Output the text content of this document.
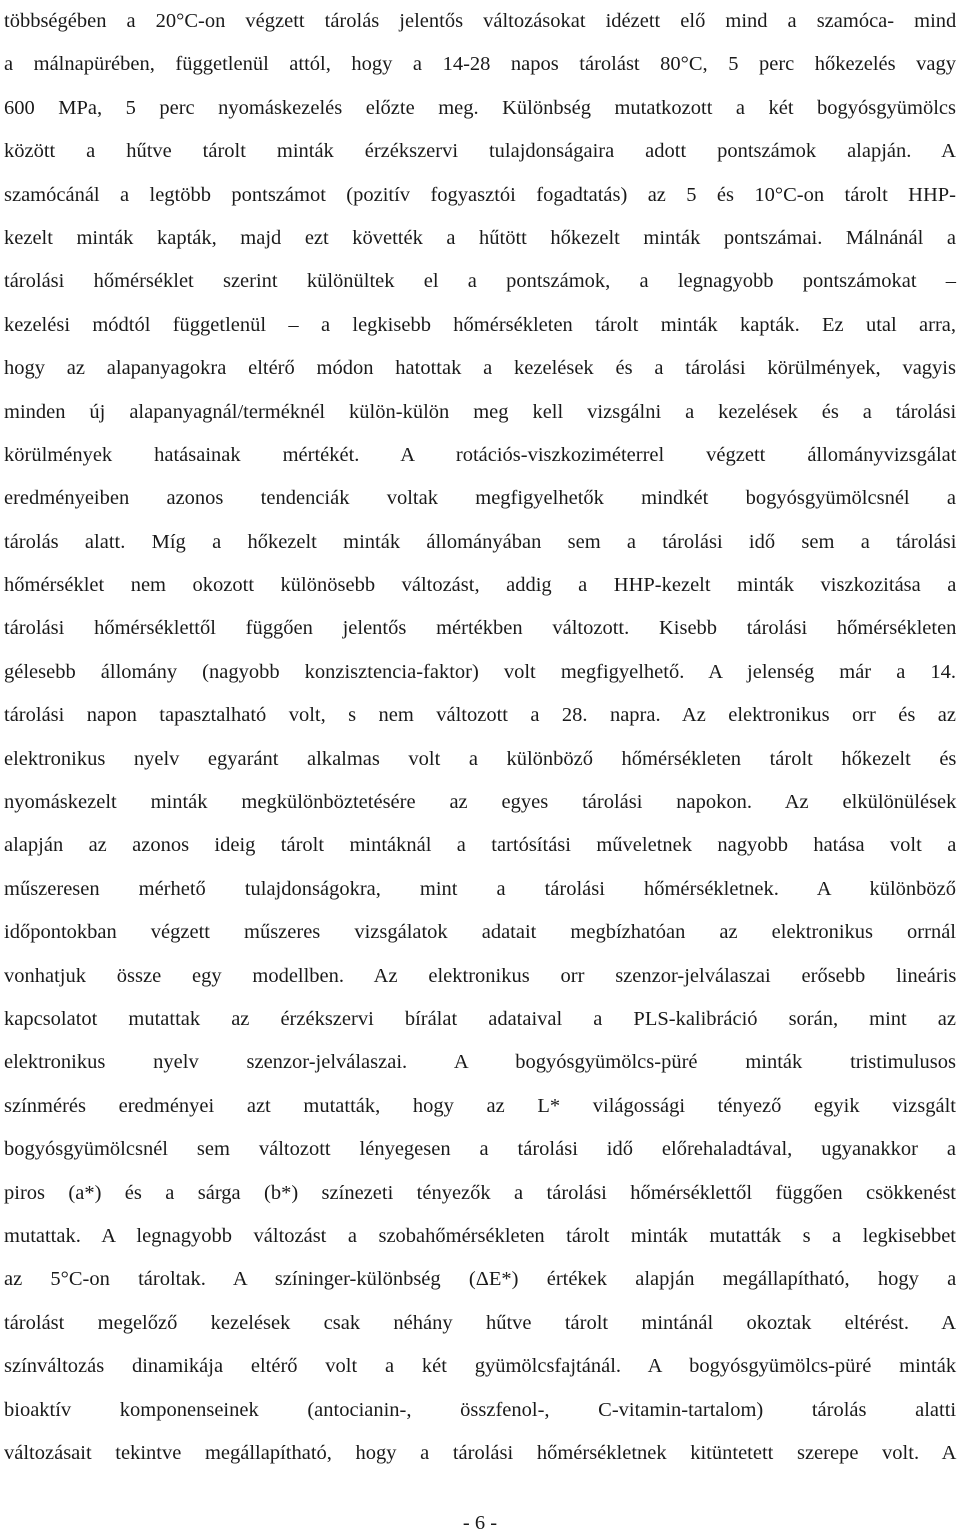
többségében a 20°C-on végzett tárolás jelentős változásokat idézett elő mind a szamóca- mind
a málnapürében, függetlenül attól, hogy a 14-28 napos tárolást 80°C, 5 perc hőkezelés vagy
600 MPa, 5 perc nyomáskezelés előzte meg. Különbség mutatkozott a két bogyósgyümölcs
között a hűtve tárolt minták érzékszervi tulajdonságaira adott pontszámok alapján. A
szamócánál a legtöbb pontszámot (pozitív fogyasztói fogadtatás) az 5 és 10°C-on tárolt HHP-
kezelt minták kapták, majd ezt követték a hűtött hőkezelt minták pontszámai. Málnánál a
tárolási hőmérséklet szerint különültek el a pontszámok, a legnagyobb pontszámokat –
kezelési módtól függetlenül – a legkisebb hőmérsékleten tárolt minták kapták. Ez utal arra,
hogy az alapanyagokra eltérő módon hatottak a kezelések és a tárolási körülmények, vagyis
minden új alapanyagnál/terméknél külön-külön meg kell vizsgálni a kezelések és a tárolási
körülmények hatásainak mértékét. A rotációs-viszkoziméterrel végzett állományvizsgálat
eredményeiben azonos tendenciák voltak megfigyelhetők mindkét bogyósgyümölcsnél a
tárolás alatt. Míg a hőkezelt minták állományában sem a tárolási idő sem a tárolási
hőmérséklet nem okozott különösebb változást, addig a HHP-kezelt minták viszkozitása a
tárolási hőmérséklettől függően jelentős mértékben változott. Kisebb tárolási hőmérsékleten
gélesebb állomány (nagyobb konzisztencia-faktor) volt megfigyelhető. A jelenség már a 14.
tárolási napon tapasztalható volt, s nem változott a 28. napra. Az elektronikus orr és az
elektronikus nyelv egyaránt alkalmas volt a különböző hőmérsékleten tárolt hőkezelt és
nyomáskezelt minták megkülönböztetésére az egyes tárolási napokon. Az elkülönülések
alapján az azonos ideig tárolt mintáknál a tartósítási műveletnek nagyobb hatása volt a
műszeresen mérhető tulajdonságokra, mint a tárolási hőmérsékletnek. A különböző
időpontokban végzett műszeres vizsgálatok adatait megbízhatóan az elektronikus orrnál
vonhatjuk össze egy modellben. Az elektronikus orr szenzor-jelválaszai erősebb lineáris
kapcsolatot mutattak az érzékszervi bírálat adataival a PLS-kalibráció során, mint az
elektronikus nyelv szenzor-jelválaszai. A bogyósgyümölcs-püré minták tristimulusos
színmérés eredményei azt mutatták, hogy az L* világossági tényező egyik vizsgált
bogyósgyümölcsnél sem változott lényegesen a tárolási idő előrehaladtával, ugyanakkor a
piros (a*) és a sárga (b*) színezeti tényezők a tárolási hőmérséklettől függően csökkenést
mutattak. A legnagyobb változást a szobahőmérsékleten tárolt minták mutatták s a legkisebbet
az 5°C-on tároltak. A színinger-különbség (ΔE*) értékek alapján megállapítható, hogy a
tárolást megelőző kezelések csak néhány hűtve tárolt mintánál okoztak eltérést. A
színváltozás dinamikája eltérő volt a két gyümölcsfajtánál. A bogyósgyümölcs-püré minták
bioaktív komponenseinek (antocianin-, összfenol-, C-vitamin-tartalom) tárolás alatti
változásait tekintve megállapítható, hogy a tárolási hőmérsékletnek kitüntetett szerepe volt. A
- 6 -
